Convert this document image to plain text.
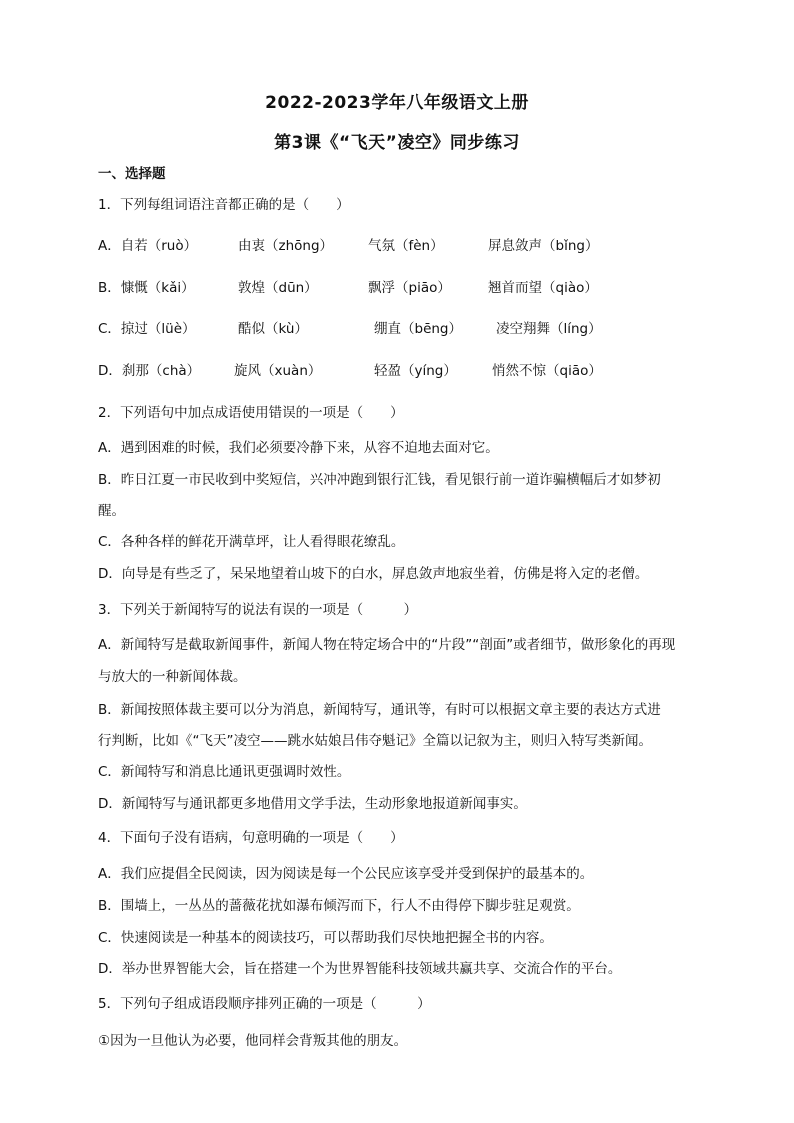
2022-2023学年八年级语文上册
第3课《“飞天”凌空》同步练习
一、选择题
1．下列每组词语注音都正确的是（　　）
A．自若（ruò）	由衷（zhōng）	气氛（fèn）	屏息敛声（bǐng）
B．慷慨（kǎi）	敦煌（dūn）	飘浮（piāo）	翘首而望（qiào）
C．掠过（lüè）	酷似（kù）	绷直（bēng）	凌空翔舞（líng）
D．刹那（chà）	旋风（xuàn）	轻盈（yíng）	悄然不惊（qiāo）
2．下列语句中加点成语使用错误的一项是（　　）
A．遇到困难的时候，我们必须要冷静下来，从容不迫地去面对它。
B．昨日江夏一市民收到中奖短信，兴冲冲跑到银行汇钱，看见银行前一道诈骗横幅后才如梦初
醒。
C．各种各样的鲜花开满草坪，让人看得眼花缭乱。
D．向导是有些乏了，呆呆地望着山坡下的白水，屏息敛声地寂坐着，仿佛是将入定的老僧。
3．下列关于新闻特写的说法有误的一项是（　　　）
A．新闻特写是截取新闻事件，新闻人物在特定场合中的“片段”“剖面”或者细节，做形象化的再现
与放大的一种新闻体裁。
B．新闻按照体裁主要可以分为消息，新闻特写，通讯等，有时可以根据文章主要的表达方式进
行判断，比如《“飞天”凌空——跳水姑娘吕伟夺魁记》全篇以记叙为主，则归入特写类新闻。
C．新闻特写和消息比通讯更强调时效性。
D．新闻特写与通讯都更多地借用文学手法，生动形象地报道新闻事实。
4．下面句子没有语病，句意明确的一项是（　　）
A．我们应提倡全民阅读，因为阅读是每一个公民应该享受并受到保护的最基本的。
B．围墙上，一丛丛的蔷薇花扰如瀑布倾泻而下，行人不由得停下脚步驻足观赏。
C．快速阅读是一种基本的阅读技巧，可以帮助我们尽快地把握全书的内容。
D．举办世界智能大会，旨在搭建一个为世界智能科技领域共赢共享、交流合作的平台。
5．下列句子组成语段顺序排列正确的一项是（　　　）
①因为一旦他认为必要，他同样会背叛其他的朋友。
